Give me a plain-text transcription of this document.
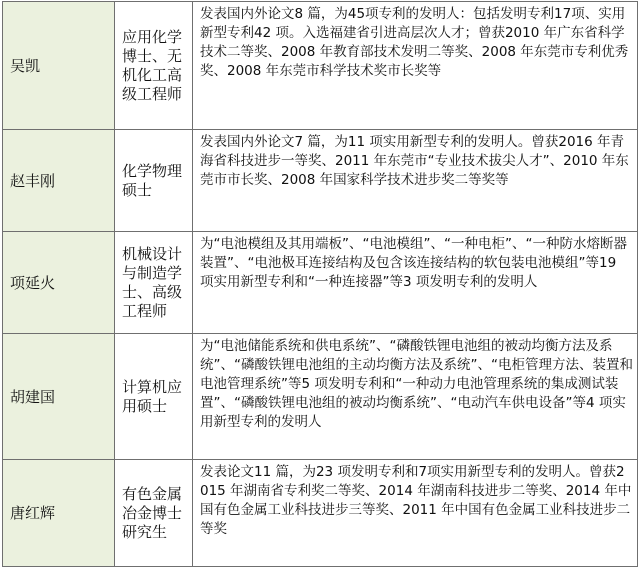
吴凯
应用化学博士、无机化工高级工程师
发表国内外论文8 篇，为45项专利的发明人：包括发明专利17项、实用新型专利42 项。入选福建省引进高层次人才；曾获2010 年广东省科学技术二等奖、2008 年教育部技术发明二等奖、2008 年东莞市专利优秀奖、2008 年东莞市科学技术奖市长奖等
赵丰刚
化学物理硕士
发表国内外论文7 篇，为11 项实用新型专利的发明人。曾获2016 年青海省科技进步一等奖、2011 年东莞市“专业技术拔尖人才”、2010 年东莞市市长奖、2008 年国家科学技术进步奖二等奖等
项延火
机械设计与制造学士、高级工程师
为“电池模组及其用端板”、“电池模组”、“一种电柜”、“一种防水熔断器装置”、“电池极耳连接结构及包含该连接结构的软包装电池模组”等19 项实用新型专利和“一种连接器”等3 项发明专利的发明人
胡建国
计算机应用硕士
为“电池储能系统和供电系统”、“磷酸铁锂电池组的被动均衡方法及系统”、“磷酸铁锂电池组的主动均衡方法及系统”、“电柜管理方法、装置和电池管理系统”等5 项发明专利和“一种动力电池管理系统的集成测试装置”、“磷酸铁锂电池组的被动均衡系统”、“电动汽车供电设备”等4 项实用新型专利的发明人
唐红辉
有色金属冶金博士研究生
发表论文11 篇，为23 项发明专利和7项实用新型专利的发明人。曾获2015 年湖南省专利奖二等奖、2014 年湖南科技进步二等奖、2014 年中国有色金属工业科技进步三等奖、2011 年中国有色金属工业科技进步二等奖
